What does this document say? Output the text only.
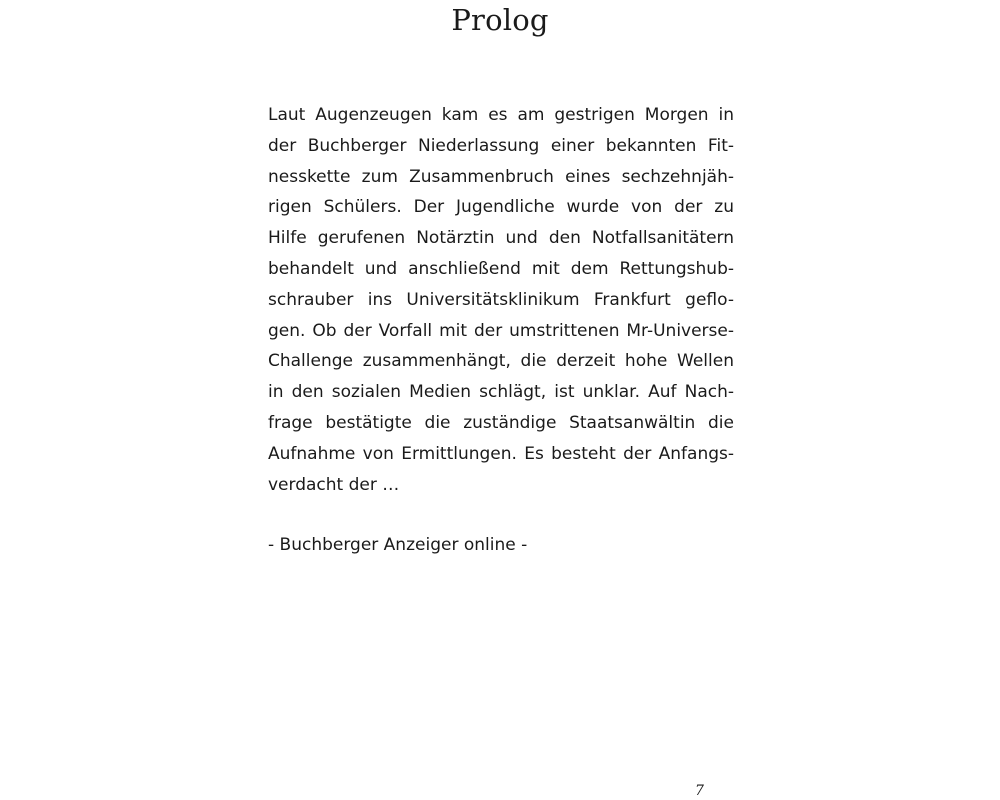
Prolog
Laut Augenzeugen kam es am gestrigen Morgen in
der Buchberger Niederlassung einer bekannten Fit-
nesskette zum Zusammenbruch eines sechzehnjäh-
rigen Schülers. Der Jugendliche wurde von der zu
Hilfe gerufenen Notärztin und den Notfallsanitätern
behandelt und anschließend mit dem Rettungshub-
schrauber ins Universitätsklinikum Frankfurt geflo-
gen. Ob der Vorfall mit der umstrittenen Mr-Universe-
Challenge zusammenhängt, die derzeit hohe Wellen
in den sozialen Medien schlägt, ist unklar. Auf Nach-
frage bestätigte die zuständige Staatsanwältin die
Aufnahme von Ermittlungen. Es besteht der Anfangs-
verdacht der …

- Buchberger Anzeiger online -

7
